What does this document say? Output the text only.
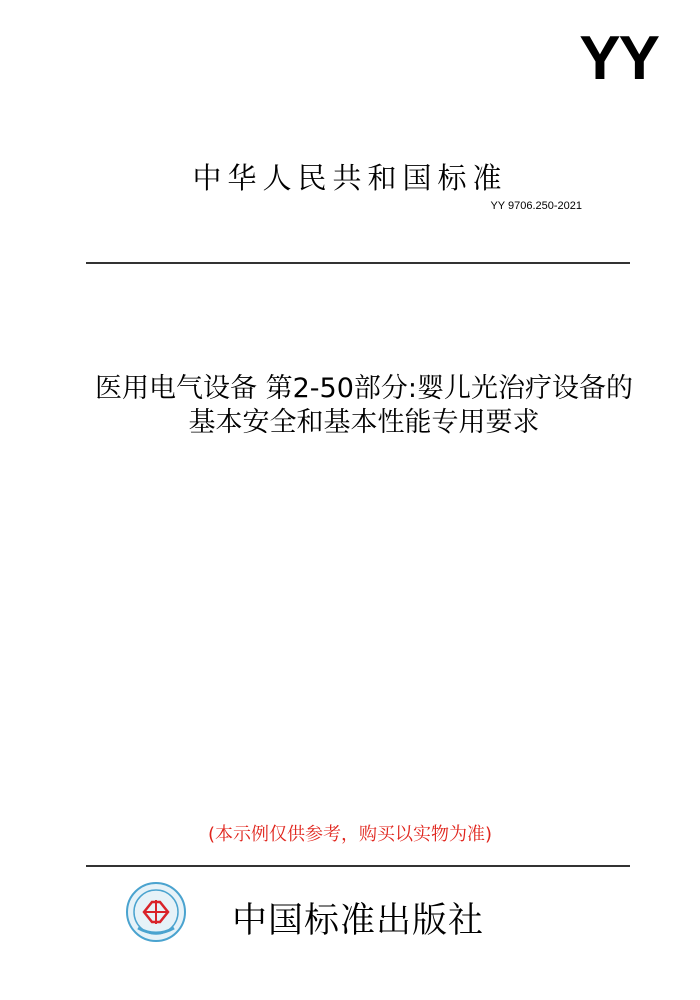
YY
中华人民共和国标准
YY 9706.250-2021
医用电气设备 第2-50部分:婴儿光治疗设备的
基本安全和基本性能专用要求
(本示例仅供参考，购买以实物为准)
中国标准出版社
